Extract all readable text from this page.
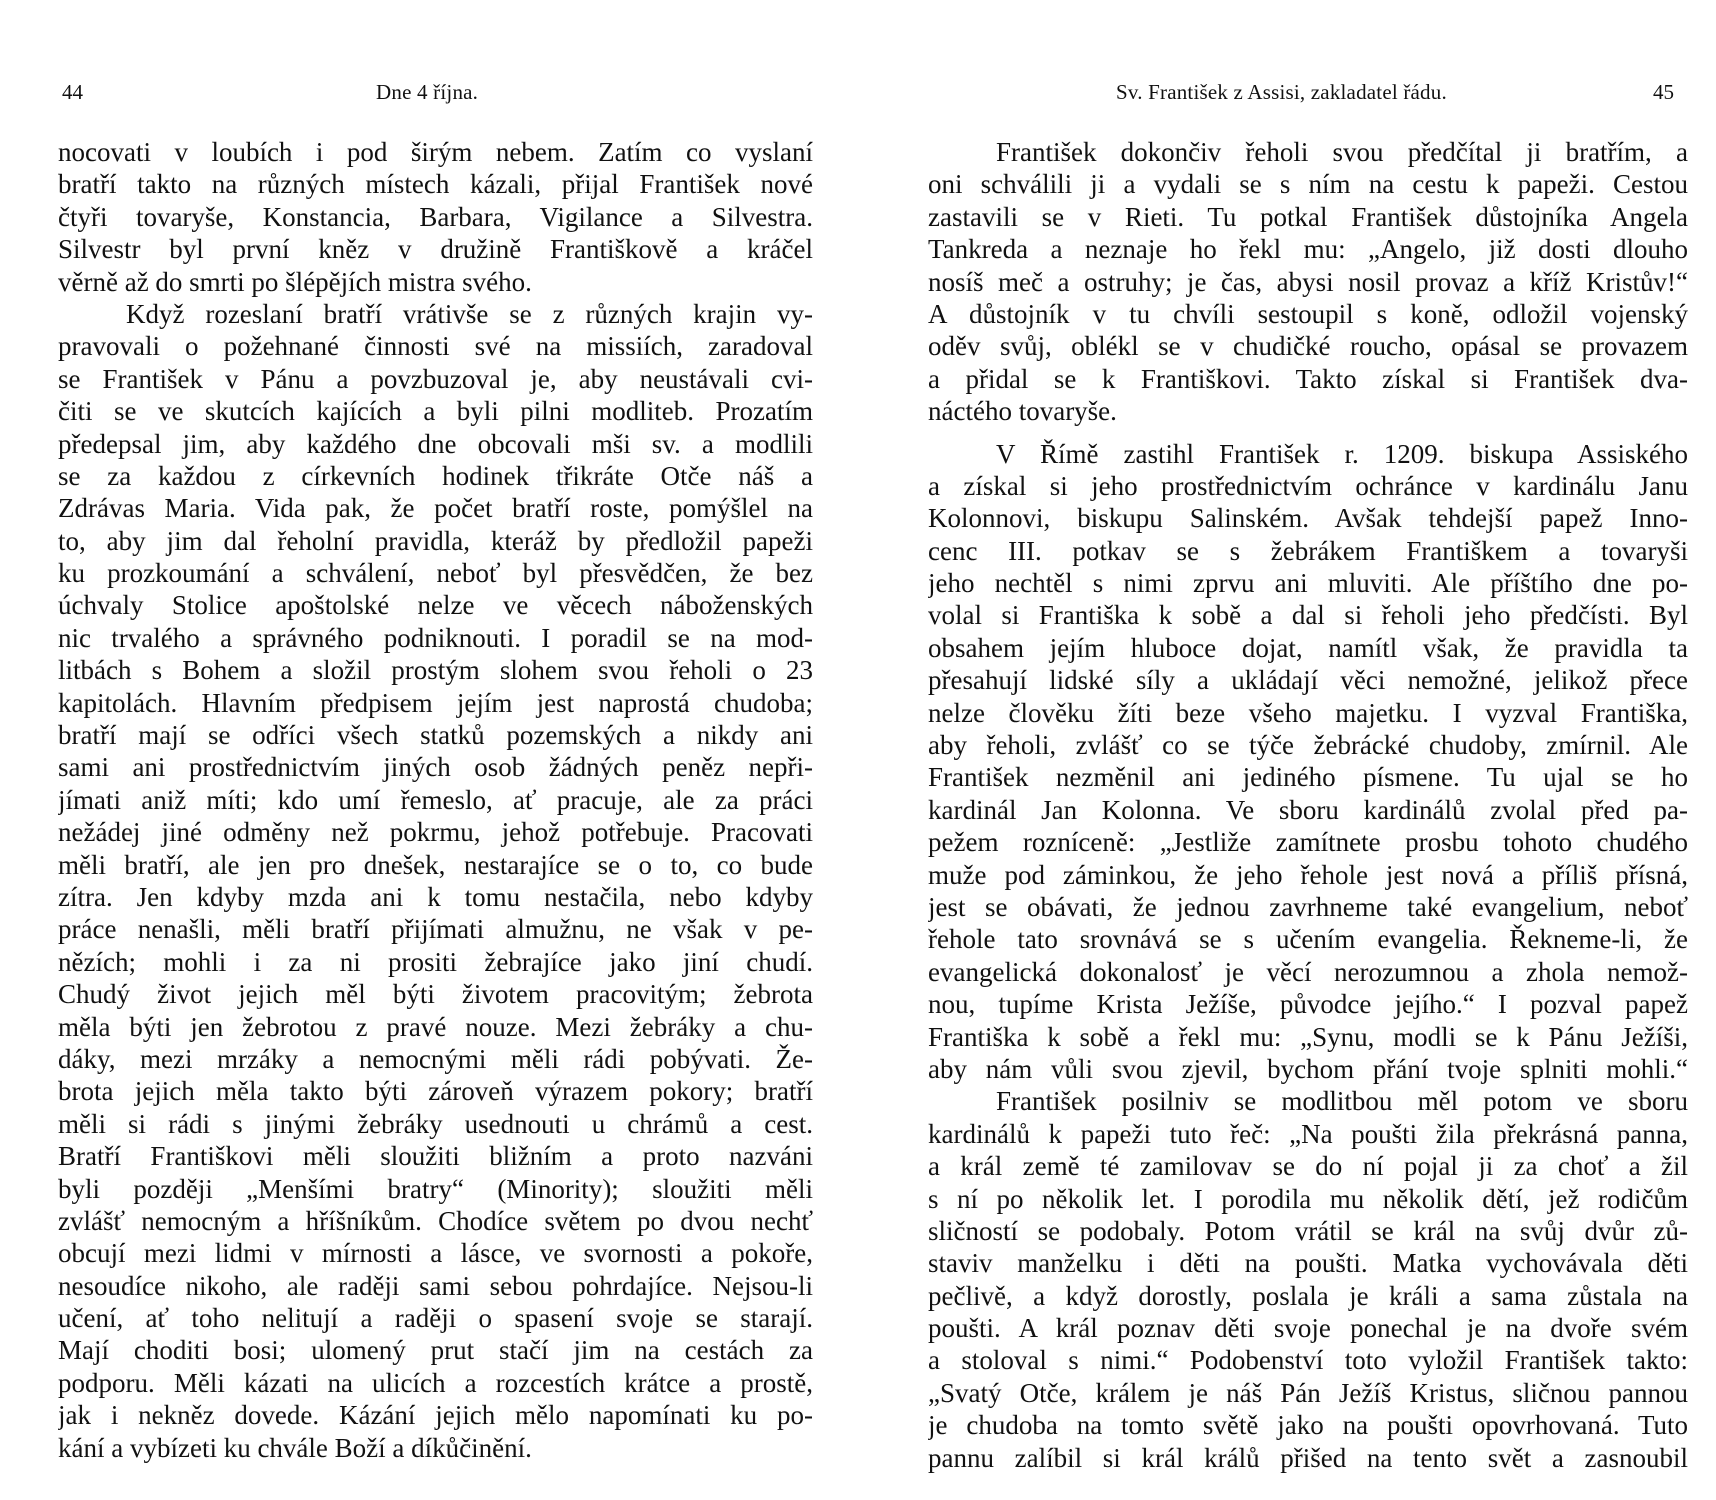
44	Dne 4 října.
nocovati v loubích i pod širým nebem. Zatím co vyslaní
bratří takto na různých místech kázali, přijal František nové
čtyři tovaryše, Konstancia, Barbara, Vigilance a Silvestra.
Silvestr byl první kněz v družině Františkově a kráčel
věrně až do smrti po šlépějích mistra svého.
Když rozeslaní bratří vrátivše se z různých krajin vy-
pravovali o požehnané činnosti své na missiích, zaradoval
se František v Pánu a povzbuzoval je, aby neustávali cvi-
čiti se ve skutcích kajících a byli pilni modliteb. Prozatím
předepsal jim, aby každého dne obcovali mši sv. a modlili
se za každou z církevních hodinek třikráte Otče náš a
Zdrávas Maria. Vida pak, že počet bratří roste, pomýšlel na
to, aby jim dal řeholní pravidla, kteráž by předložil papeži
ku prozkoumání a schválení, neboť byl přesvědčen, že bez
úchvaly Stolice apoštolské nelze ve věcech náboženských
nic trvalého a správného podniknouti. I poradil se na mod-
litbách s Bohem a složil prostým slohem svou řeholi o 23
kapitolách. Hlavním předpisem jejím jest naprostá chudoba;
bratří mají se odříci všech statků pozemských a nikdy ani
sami ani prostřednictvím jiných osob žádných peněz nepři-
jímati aniž míti; kdo umí řemeslo, ať pracuje, ale za práci
nežádej jiné odměny než pokrmu, jehož potřebuje. Pracovati
měli bratří, ale jen pro dnešek, nestarajíce se o to, co bude
zítra. Jen kdyby mzda ani k tomu nestačila, nebo kdyby
práce nenašli, měli bratří přijímati almužnu, ne však v pe-
nězích; mohli i za ni prositi žebrajíce jako jiní chudí.
Chudý život jejich měl býti životem pracovitým; žebrota
měla býti jen žebrotou z pravé nouze. Mezi žebráky a chu-
dáky, mezi mrzáky a nemocnými měli rádi pobývati. Že-
brota jejich měla takto býti zároveň výrazem pokory; bratří
měli si rádi s jinými žebráky usednouti u chrámů a cest.
Bratří Františkovi měli sloužiti bližním a proto nazváni
byli později „Menšími bratry“ (Minority); sloužiti měli
zvlášť nemocným a hříšníkům. Chodíce světem po dvou nechť
obcují mezi lidmi v mírnosti a lásce, ve svornosti a pokoře,
nesoudíce nikoho, ale raději sami sebou pohrdajíce. Nejsou-li
učení, ať toho nelitují a raději o spasení svoje se starají.
Mají choditi bosi; ulomený prut stačí jim na cestách za
podporu. Měli kázati na ulicích a rozcestích krátce a prostě,
jak i nekněz dovede. Kázání jejich mělo napomínati ku po-
kání a vybízeti ku chvále Boží a díkůčinění.
Sv. František z Assisi, zakladatel řádu.	45
František dokončiv řeholi svou předčítal ji bratřím, a
oni schválili ji a vydali se s ním na cestu k papeži. Cestou
zastavili se v Rieti. Tu potkal František důstojníka Angela
Tankreda a neznaje ho řekl mu: „Angelo, již dosti dlouho
nosíš meč a ostruhy; je čas, abysi nosil provaz a kříž Kristův!“
A důstojník v tu chvíli sestoupil s koně, odložil vojenský
oděv svůj, oblékl se v chudičké roucho, opásal se provazem
a přidal se k Františkovi. Takto získal si František dva-
náctého tovaryše.
V Římě zastihl František r. 1209. biskupa Assiského
a získal si jeho prostřednictvím ochránce v kardinálu Janu
Kolonnovi, biskupu Salinském. Avšak tehdejší papež Inno-
cenc III. potkav se s žebrákem Františkem a tovaryši
jeho nechtěl s nimi zprvu ani mluviti. Ale příštího dne po-
volal si Františka k sobě a dal si řeholi jeho předčísti. Byl
obsahem jejím hluboce dojat, namítl však, že pravidla ta
přesahují lidské síly a ukládají věci nemožné, jelikož přece
nelze člověku žíti beze všeho majetku. I vyzval Františka,
aby řeholi, zvlášť co se týče žebrácké chudoby, zmírnil. Ale
František nezměnil ani jediného písmene. Tu ujal se ho
kardinál Jan Kolonna. Ve sboru kardinálů zvolal před pa-
pežem rozníceně: „Jestliže zamítnete prosbu tohoto chudého
muže pod záminkou, že jeho řehole jest nová a příliš přísná,
jest se obávati, že jednou zavrhneme také evangelium, neboť
řehole tato srovnává se s učením evangelia. Řekneme-li, že
evangelická dokonalosť je věcí nerozumnou a zhola nemož-
nou, tupíme Krista Ježíše, původce jejího.“ I pozval papež
Františka k sobě a řekl mu: „Synu, modli se k Pánu Ježíši,
aby nám vůli svou zjevil, bychom přání tvoje splniti mohli.“
František posilniv se modlitbou měl potom ve sboru
kardinálů k papeži tuto řeč: „Na poušti žila překrásná panna,
a král země té zamilovav se do ní pojal ji za choť a žil
s ní po několik let. I porodila mu několik dětí, jež rodičům
sličností se podobaly. Potom vrátil se král na svůj dvůr zů-
staviv manželku i děti na poušti. Matka vychovávala děti
pečlivě, a když dorostly, poslala je králi a sama zůstala na
poušti. A král poznav děti svoje ponechal je na dvoře svém
a stoloval s nimi.“ Podobenství toto vyložil František takto:
„Svatý Otče, králem je náš Pán Ježíš Kristus, sličnou pannou
je chudoba na tomto světě jako na poušti opovrhovaná. Tuto
pannu zalíbil si král králů přišed na tento svět a zasnoubil
